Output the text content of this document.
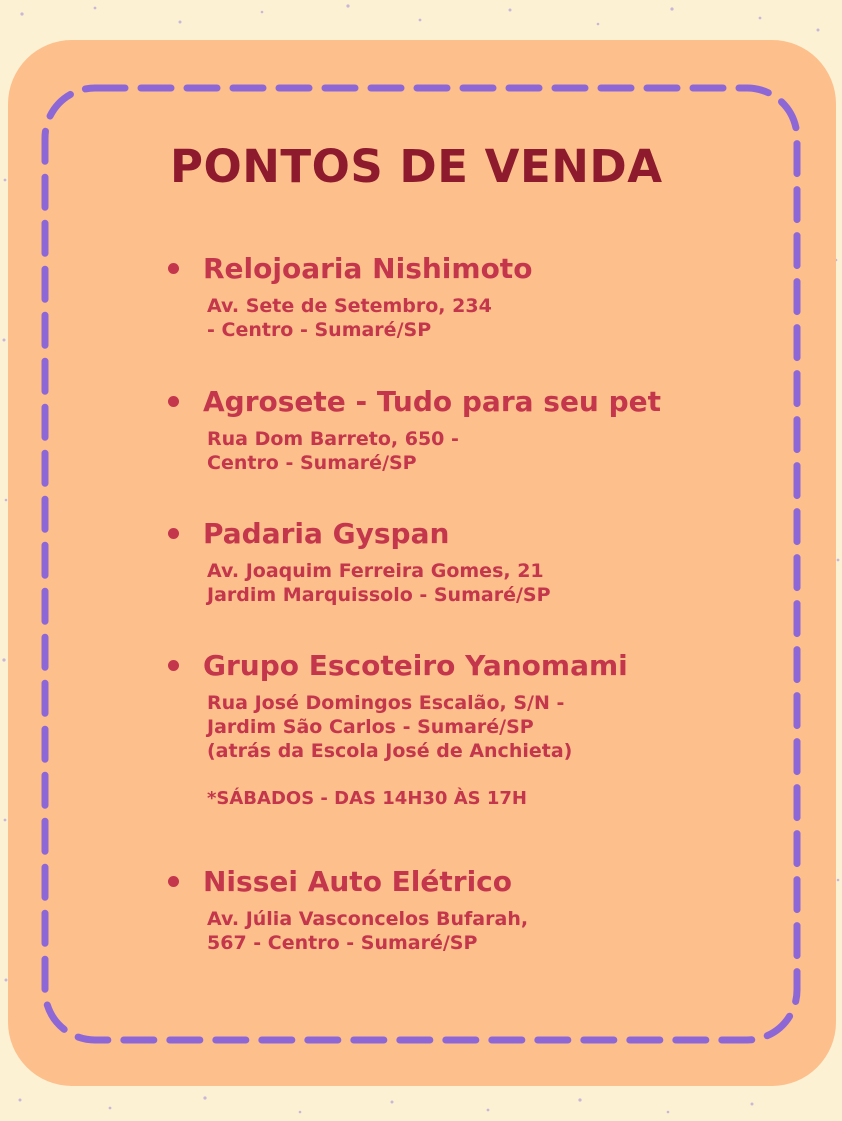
PONTOS DE VENDA
Relojoaria Nishimoto
Av. Sete de Setembro, 234
- Centro - Sumaré/SP
Agrosete - Tudo para seu pet
Rua Dom Barreto, 650 -
Centro - Sumaré/SP
Padaria Gyspan
Av. Joaquim Ferreira Gomes, 21
Jardim Marquissolo - Sumaré/SP
Grupo Escoteiro Yanomami
Rua José Domingos Escalão, S/N -
Jardim São Carlos - Sumaré/SP
(atrás da Escola José de Anchieta)
*SÁBADOS - DAS 14H30 ÀS 17H
Nissei Auto Elétrico
Av. Júlia Vasconcelos Bufarah,
567 - Centro - Sumaré/SP
